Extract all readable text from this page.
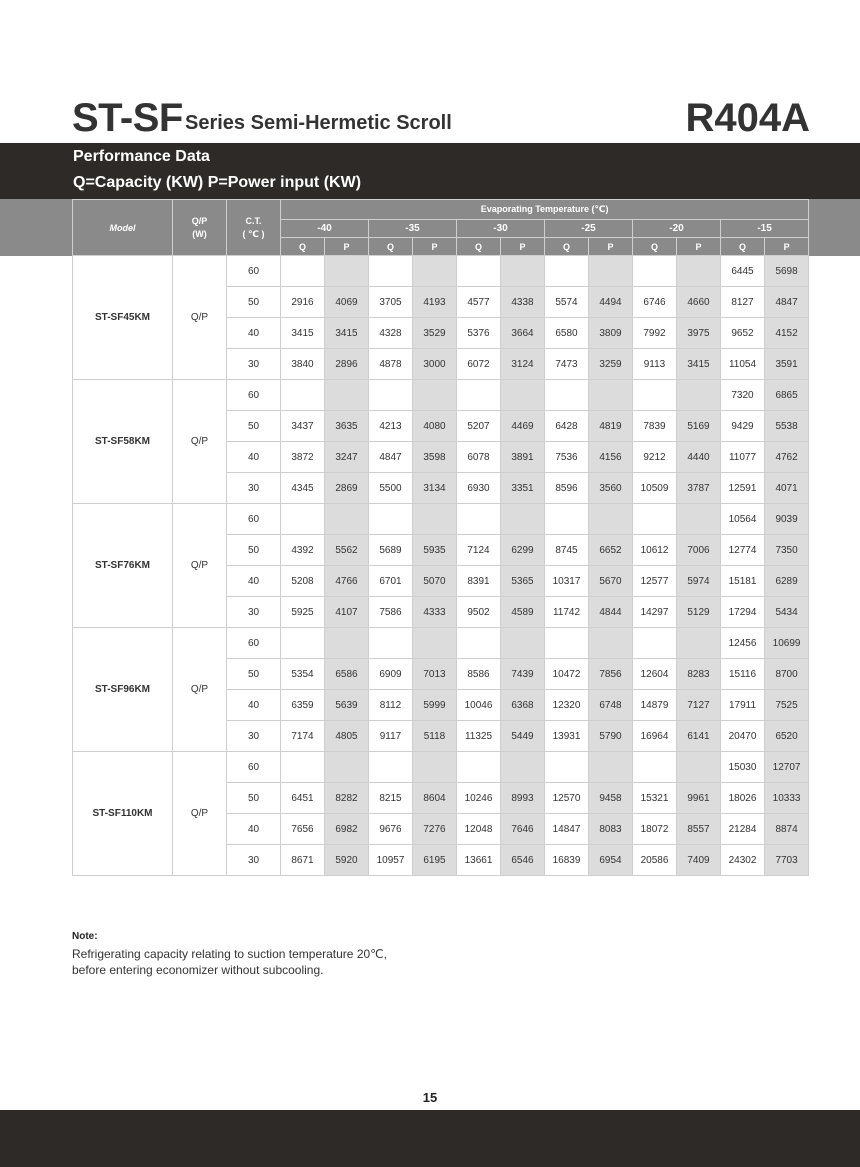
ST-SF Series Semi-Hermetic Scroll	R404A
Performance Data
Q=Capacity (KW) P=Power input (KW)
Model	Q/P
(W)	C.T.
( ℃ )	Evaporating Temperature (℃)											
			-40		-35		-30		-25		-20		-15	
			Q	P	Q	P	Q	P	Q	P	Q	P	Q	P
ST-SF45KM	Q/P	60											6445	5698
		50	2916	4069	3705	4193	4577	4338	5574	4494	6746	4660	8127	4847
		40	3415	3415	4328	3529	5376	3664	6580	3809	7992	3975	9652	4152
		30	3840	2896	4878	3000	6072	3124	7473	3259	9113	3415	11054	3591
ST-SF58KM	Q/P	60											7320	6865
		50	3437	3635	4213	4080	5207	4469	6428	4819	7839	5169	9429	5538
		40	3872	3247	4847	3598	6078	3891	7536	4156	9212	4440	11077	4762
		30	4345	2869	5500	3134	6930	3351	8596	3560	10509	3787	12591	4071
ST-SF76KM	Q/P	60											10564	9039
		50	4392	5562	5689	5935	7124	6299	8745	6652	10612	7006	12774	7350
		40	5208	4766	6701	5070	8391	5365	10317	5670	12577	5974	15181	6289
		30	5925	4107	7586	4333	9502	4589	11742	4844	14297	5129	17294	5434
ST-SF96KM	Q/P	60											12456	10699
		50	5354	6586	6909	7013	8586	7439	10472	7856	12604	8283	15116	8700
		40	6359	5639	8112	5999	10046	6368	12320	6748	14879	7127	17911	7525
		30	7174	4805	9117	5118	11325	5449	13931	5790	16964	6141	20470	6520
ST-SF110KM	Q/P	60											15030	12707
		50	6451	8282	8215	8604	10246	8993	12570	9458	15321	9961	18026	10333
		40	7656	6982	9676	7276	12048	7646	14847	8083	18072	8557	21284	8874
		30	8671	5920	10957	6195	13661	6546	16839	6954	20586	7409	24302	7703
Note:
Refrigerating capacity relating to suction temperature 20℃,
before entering economizer without subcooling.
15
